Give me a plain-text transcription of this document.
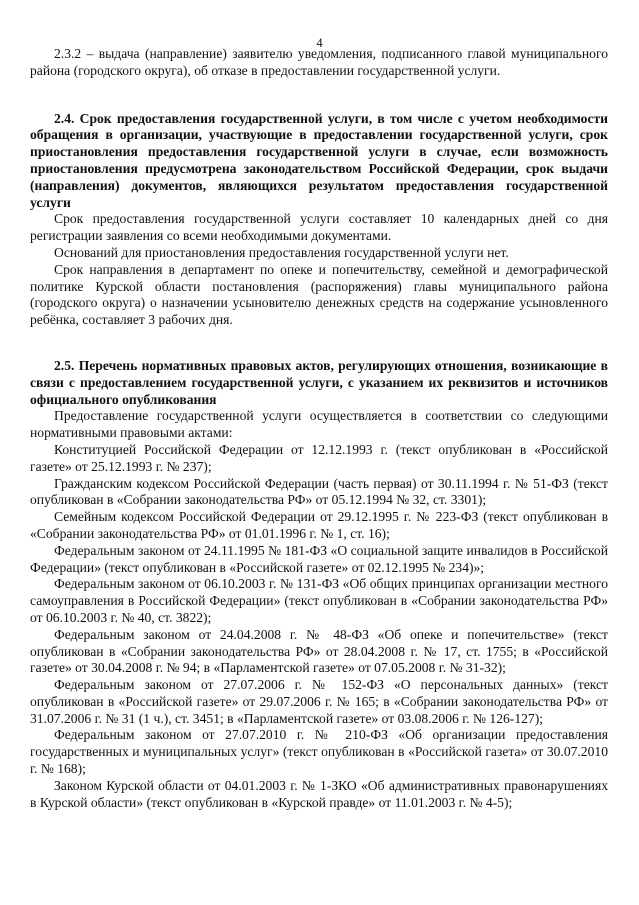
4

2.3.2 – выдача (направление) заявителю уведомления, подписанного главой муниципального района (городского округа), об отказе в предоставлении государственной услуги.

2.4. Срок предоставления государственной услуги, в том числе с учетом необходимости обращения в организации, участвующие в предоставлении государственной услуги, срок приостановления предоставления государственной услуги в случае, если возможность приостановления предусмотрена законодательством Российской Федерации, срок выдачи (направления) документов, являющихся результатом предоставления государственной услуги

Срок предоставления государственной услуги составляет 10 календарных дней со дня регистрации заявления со всеми необходимыми документами.

Оснований для приостановления предоставления государственной услуги нет.

Срок направления в департамент по опеке и попечительству, семейной и демографической политике Курской области постановления (распоряжения) главы муниципального района (городского округа) о назначении усыновителю денежных средств на содержание усыновленного ребёнка, составляет 3 рабочих дня.

2.5. Перечень нормативных правовых актов, регулирующих отношения, возникающие в связи с предоставлением государственной услуги, с указанием их реквизитов и источников официального опубликования

Предоставление государственной услуги осуществляется в соответствии со следующими нормативными правовыми актами:

Конституцией Российской Федерации от 12.12.1993 г. (текст опубликован в «Российской газете» от 25.12.1993 г. № 237);

Гражданским кодексом Российской Федерации (часть первая) от 30.11.1994 г. № 51-ФЗ (текст опубликован в «Собрании законодательства РФ» от 05.12.1994 № 32, ст. 3301);

Семейным кодексом Российской Федерации от 29.12.1995 г. № 223-ФЗ (текст опубликован в «Собрании законодательства РФ» от 01.01.1996 г. № 1, ст. 16);

Федеральным законом от 24.11.1995 № 181-ФЗ «О социальной защите инвалидов в Российской Федерации» (текст опубликован в «Российской газете» от 02.12.1995 № 234)»;

Федеральным законом от 06.10.2003 г. № 131-ФЗ «Об общих принципах организации местного самоуправления в Российской Федерации» (текст опубликован в «Собрании законодательства РФ» от 06.10.2003 г. № 40, ст. 3822);

Федеральным законом от 24.04.2008 г. № 48-ФЗ «Об опеке и попечительстве» (текст опубликован в «Собрании законодательства РФ» от 28.04.2008 г. № 17, ст. 1755; в «Российской газете» от 30.04.2008 г. № 94; в «Парламентской газете» от 07.05.2008 г. № 31-32);

Федеральным законом от 27.07.2006 г. № 152-ФЗ «О персональных данных» (текст опубликован в «Российской газете» от 29.07.2006 г. № 165; в «Собрании законодательства РФ» от 31.07.2006 г. № 31 (1 ч.), ст. 3451; в «Парламентской газете» от 03.08.2006 г. № 126-127);

Федеральным законом от 27.07.2010 г. № 210-ФЗ «Об организации предоставления государственных и муниципальных услуг» (текст опубликован в «Российской газета» от 30.07.2010 г. № 168);

Законом Курской области от 04.01.2003 г. № 1-ЗКО «Об административных правонарушениях в Курской области» (текст опубликован в «Курской правде» от 11.01.2003 г. № 4-5);
